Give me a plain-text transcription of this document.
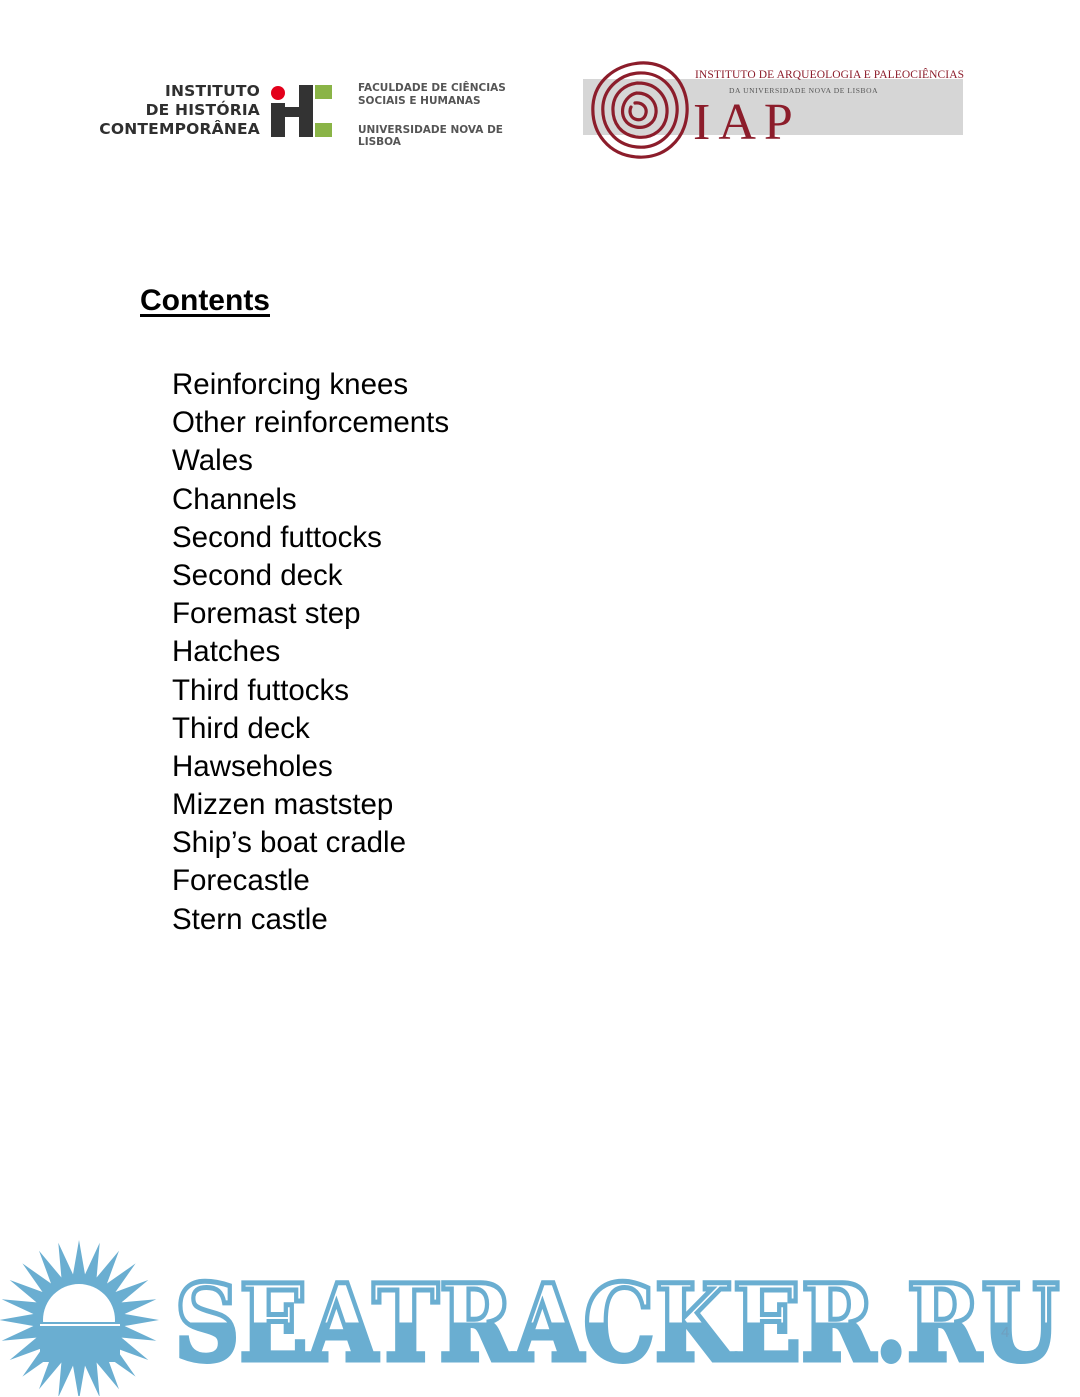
INSTITUTO
DE HISTÓRIA
CONTEMPORÂNEA
FACULDADE DE CIÊNCIAS
SOCIAIS E HUMANAS
UNIVERSIDADE NOVA DE LISBOA
INSTITUTO DE ARQUEOLOGIA E PALEOCIÊNCIAS
DA UNIVERSIDADE NOVA DE LISBOA
IAP
Contents
Reinforcing knees
Other reinforcements
Wales
Channels
Second futtocks
Second deck
Foremast step
Hatches
Third futtocks
Third deck
Hawseholes
Mizzen maststep
Ship’s boat cradle
Forecastle
Stern castle
SEATRACKER.RU
4
